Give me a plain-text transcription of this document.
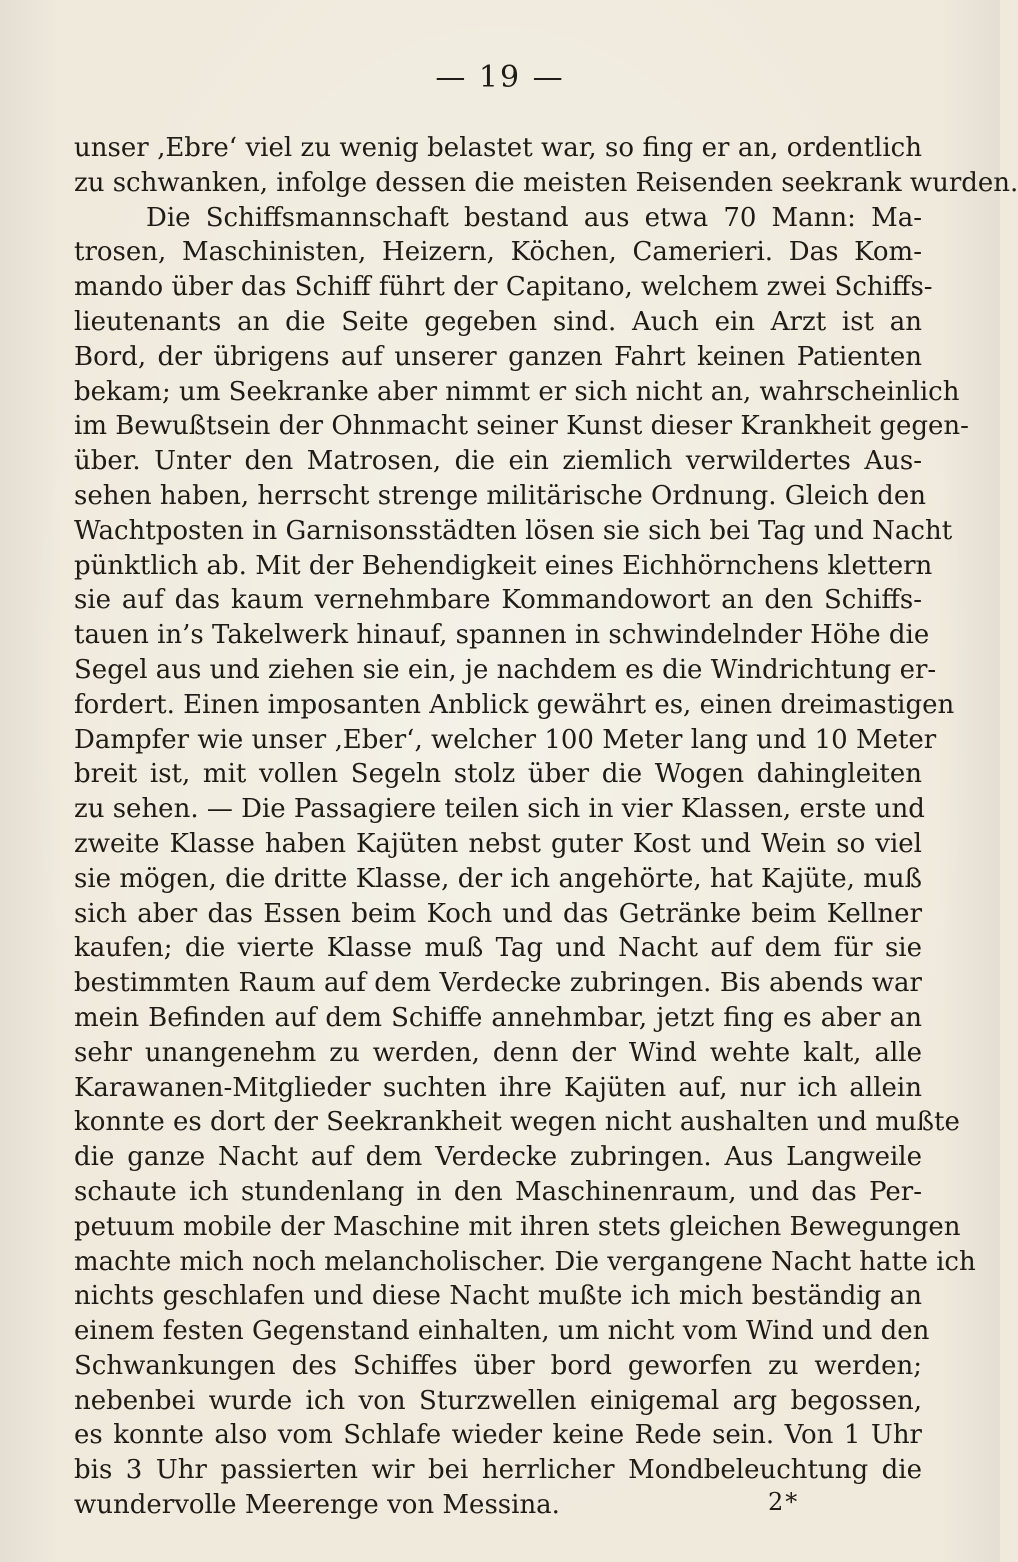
— 19 —
unser ‚Ebre‘ viel zu wenig belastet war, so fing er an, ordentlich
zu schwanken, infolge dessen die meisten Reisenden seekrank wurden.
Die Schiffsmannschaft bestand aus etwa 70 Mann: Ma-
trosen, Maschinisten, Heizern, Köchen, Camerieri. Das Kom-
mando über das Schiff führt der Capitano, welchem zwei Schiffs-
lieutenants an die Seite gegeben sind. Auch ein Arzt ist an
Bord, der übrigens auf unserer ganzen Fahrt keinen Patienten
bekam; um Seekranke aber nimmt er sich nicht an, wahrscheinlich
im Bewußtsein der Ohnmacht seiner Kunst dieser Krankheit gegen-
über. Unter den Matrosen, die ein ziemlich verwildertes Aus-
sehen haben, herrscht strenge militärische Ordnung. Gleich den
Wachtposten in Garnisonsstädten lösen sie sich bei Tag und Nacht
pünktlich ab. Mit der Behendigkeit eines Eichhörnchens klettern
sie auf das kaum vernehmbare Kommandowort an den Schiffs-
tauen in’s Takelwerk hinauf, spannen in schwindelnder Höhe die
Segel aus und ziehen sie ein, je nachdem es die Windrichtung er-
fordert. Einen imposanten Anblick gewährt es, einen dreimastigen
Dampfer wie unser ‚Eber‘, welcher 100 Meter lang und 10 Meter
breit ist, mit vollen Segeln stolz über die Wogen dahingleiten
zu sehen. — Die Passagiere teilen sich in vier Klassen, erste und
zweite Klasse haben Kajüten nebst guter Kost und Wein so viel
sie mögen, die dritte Klasse, der ich angehörte, hat Kajüte, muß
sich aber das Essen beim Koch und das Getränke beim Kellner
kaufen; die vierte Klasse muß Tag und Nacht auf dem für sie
bestimmten Raum auf dem Verdecke zubringen. Bis abends war
mein Befinden auf dem Schiffe annehmbar, jetzt fing es aber an
sehr unangenehm zu werden, denn der Wind wehte kalt, alle
Karawanen-Mitglieder suchten ihre Kajüten auf, nur ich allein
konnte es dort der Seekrankheit wegen nicht aushalten und mußte
die ganze Nacht auf dem Verdecke zubringen. Aus Langweile
schaute ich stundenlang in den Maschinenraum, und das Per-
petuum mobile der Maschine mit ihren stets gleichen Bewegungen
machte mich noch melancholischer. Die vergangene Nacht hatte ich
nichts geschlafen und diese Nacht mußte ich mich beständig an
einem festen Gegenstand einhalten, um nicht vom Wind und den
Schwankungen des Schiffes über bord geworfen zu werden;
nebenbei wurde ich von Sturzwellen einigemal arg begossen,
es konnte also vom Schlafe wieder keine Rede sein. Von 1 Uhr
bis 3 Uhr passierten wir bei herrlicher Mondbeleuchtung die
wundervolle Meerenge von Messina.	2*
